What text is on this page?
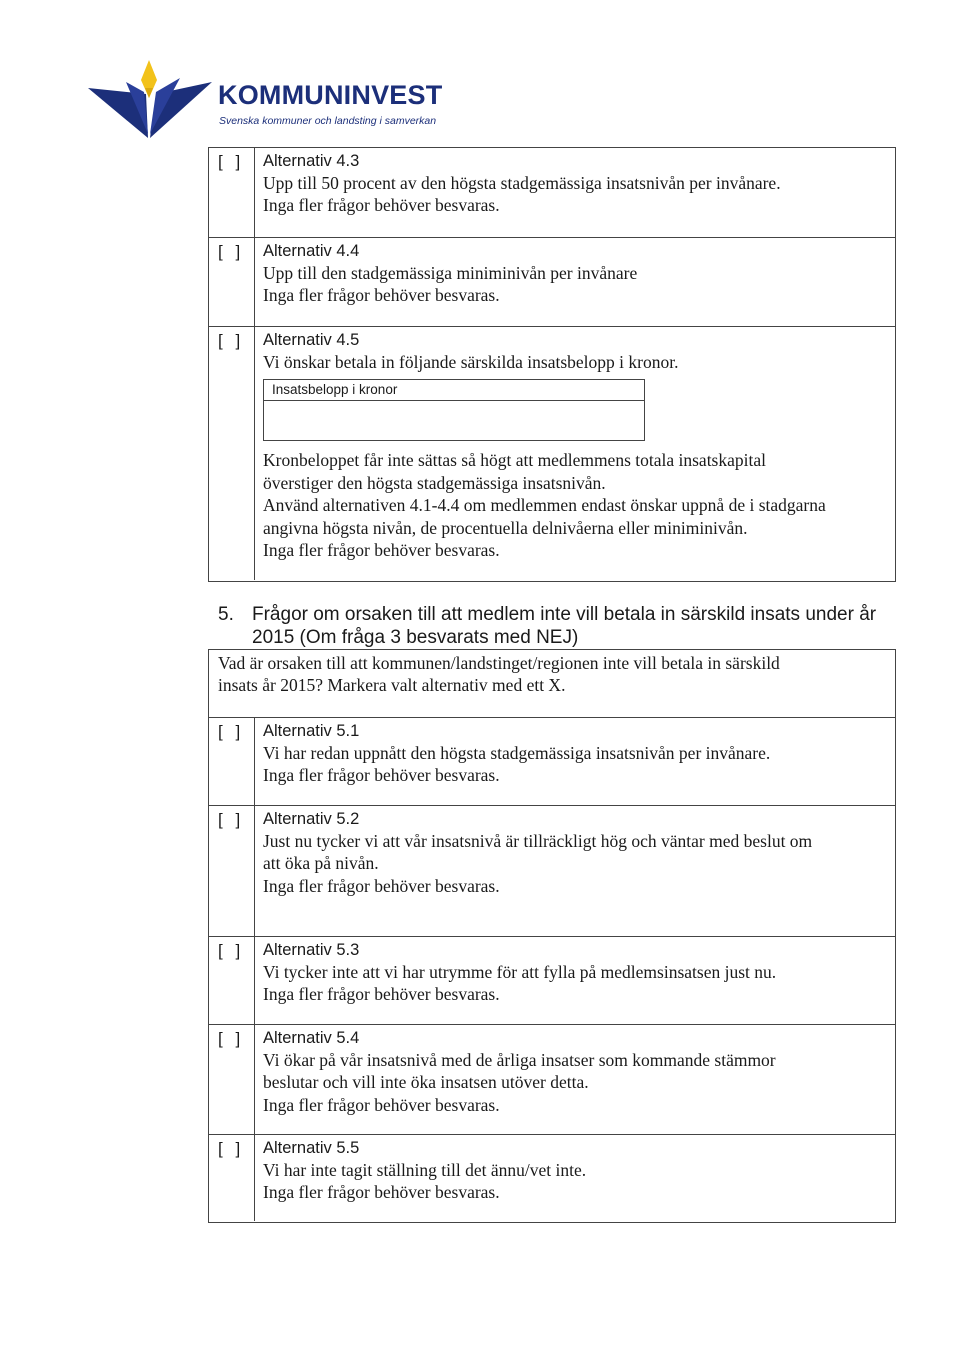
KOMMUNINVEST
Svenska kommuner och landsting i samverkan
[ ] Alternativ 4.3
Upp till 50 procent av den högsta stadgemässiga insatsnivån per invånare.
Inga fler frågor behöver besvaras.
[ ] Alternativ 4.4
Upp till den stadgemässiga miniminivån per invånare
Inga fler frågor behöver besvaras.
[ ] Alternativ 4.5
Vi önskar betala in följande särskilda insatsbelopp i kronor.
Insatsbelopp i kronor
Kronbeloppet får inte sättas så högt att medlemmens totala insatskapital
överstiger den högsta stadgemässiga insatsnivån.
Använd alternativen 4.1-4.4 om medlemmen endast önskar uppnå de i stadgarna
angivna högsta nivån, de procentuella delnivåerna eller miniminivån.
Inga fler frågor behöver besvaras.
5. Frågor om orsaken till att medlem inte vill betala in särskild insats under år
2015 (Om fråga 3 besvarats med NEJ)
Vad är orsaken till att kommunen/landstinget/regionen inte vill betala in särskild
insats år 2015? Markera valt alternativ med ett X.
[ ] Alternativ 5.1
Vi har redan uppnått den högsta stadgemässiga insatsnivån per invånare.
Inga fler frågor behöver besvaras.
[ ] Alternativ 5.2
Just nu tycker vi att vår insatsnivå är tillräckligt hög och väntar med beslut om
att öka på nivån.
Inga fler frågor behöver besvaras.
[ ] Alternativ 5.3
Vi tycker inte att vi har utrymme för att fylla på medlemsinsatsen just nu.
Inga fler frågor behöver besvaras.
[ ] Alternativ 5.4
Vi ökar på vår insatsnivå med de årliga insatser som kommande stämmor
beslutar och vill inte öka insatsen utöver detta.
Inga fler frågor behöver besvaras.
[ ] Alternativ 5.5
Vi har inte tagit ställning till det ännu/vet inte.
Inga fler frågor behöver besvaras.
